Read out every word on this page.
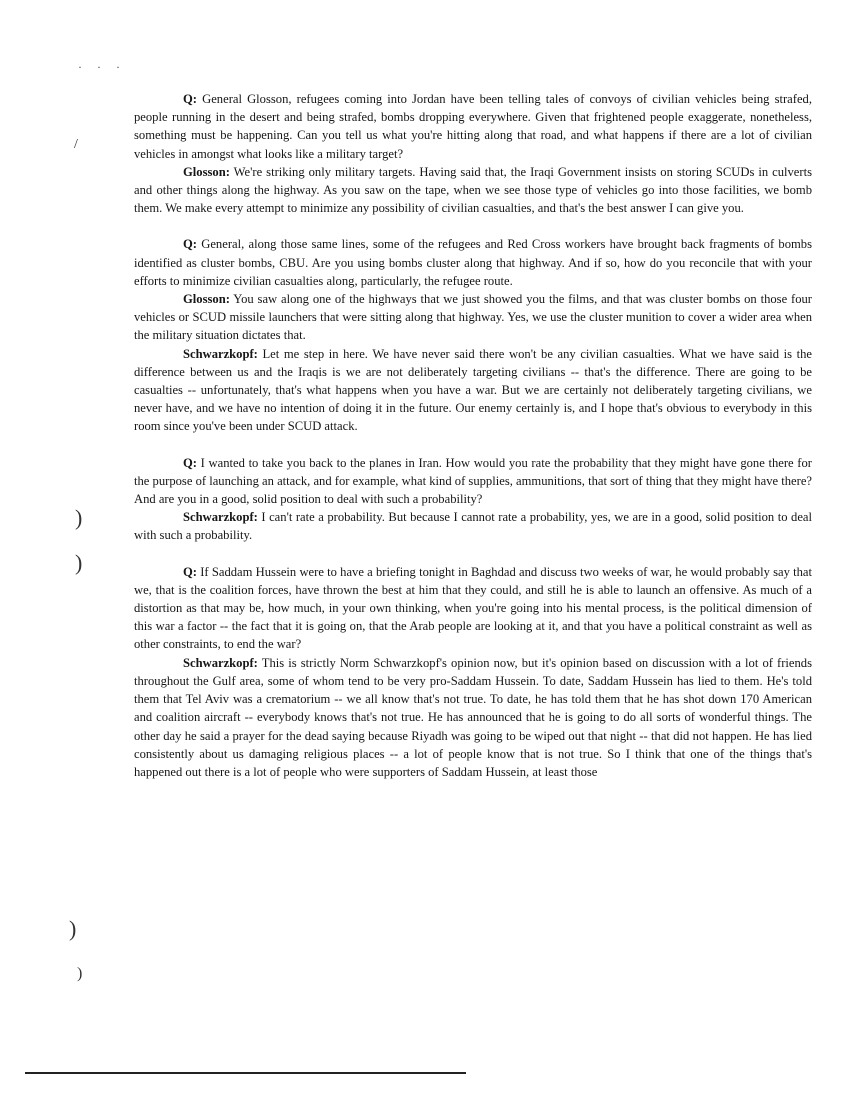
· · ·
/
)
)
)
)

Q: General Glosson, refugees coming into Jordan have been telling tales of convoys of civilian vehicles being strafed, people running in the desert and being strafed, bombs dropping everywhere. Given that frightened people exaggerate, nonetheless, something must be happening. Can you tell us what you're hitting along that road, and what happens if there are a lot of civilian vehicles in amongst what looks like a military target?

Glosson: We're striking only military targets. Having said that, the Iraqi Government insists on storing SCUDs in culverts and other things along the highway. As you saw on the tape, when we see those type of vehicles go into those facilities, we bomb them. We make every attempt to minimize any possibility of civilian casualties, and that's the best answer I can give you.

Q: General, along those same lines, some of the refugees and Red Cross workers have brought back fragments of bombs identified as cluster bombs, CBU. Are you using bombs cluster along that highway. And if so, how do you reconcile that with your efforts to minimize civilian casualties along, particularly, the refugee route.

Glosson: You saw along one of the highways that we just showed you the films, and that was cluster bombs on those four vehicles or SCUD missile launchers that were sitting along that highway. Yes, we use the cluster munition to cover a wider area when the military situation dictates that.

Schwarzkopf: Let me step in here. We have never said there won't be any civilian casualties. What we have said is the difference between us and the Iraqis is we are not deliberately targeting civilians -- that's the difference. There are going to be casualties -- unfortunately, that's what happens when you have a war. But we are certainly not deliberately targeting civilians, we never have, and we have no intention of doing it in the future. Our enemy certainly is, and I hope that's obvious to everybody in this room since you've been under SCUD attack.

Q: I wanted to take you back to the planes in Iran. How would you rate the probability that they might have gone there for the purpose of launching an attack, and for example, what kind of supplies, ammunitions, that sort of thing that they might have there? And are you in a good, solid position to deal with such a probability?

Schwarzkopf: I can't rate a probability. But because I cannot rate a probability, yes, we are in a good, solid position to deal with such a probability.

Q: If Saddam Hussein were to have a briefing tonight in Baghdad and discuss two weeks of war, he would probably say that we, that is the coalition forces, have thrown the best at him that they could, and still he is able to launch an offensive. As much of a distortion as that may be, how much, in your own thinking, when you're going into his mental process, is the political dimension of this war a factor -- the fact that it is going on, that the Arab people are looking at it, and that you have a political constraint as well as other constraints, to end the war?

Schwarzkopf: This is strictly Norm Schwarzkopf's opinion now, but it's opinion based on discussion with a lot of friends throughout the Gulf area, some of whom tend to be very pro-Saddam Hussein. To date, Saddam Hussein has lied to them. He's told them that Tel Aviv was a crematorium -- we all know that's not true. To date, he has told them that he has shot down 170 American and coalition aircraft -- everybody knows that's not true. He has announced that he is going to do all sorts of wonderful things. The other day he said a prayer for the dead saying because Riyadh was going to be wiped out that night -- that did not happen. He has lied consistently about us damaging religious places -- a lot of people know that is not true. So I think that one of the things that's happened out there is a lot of people who were supporters of Saddam Hussein, at least those
